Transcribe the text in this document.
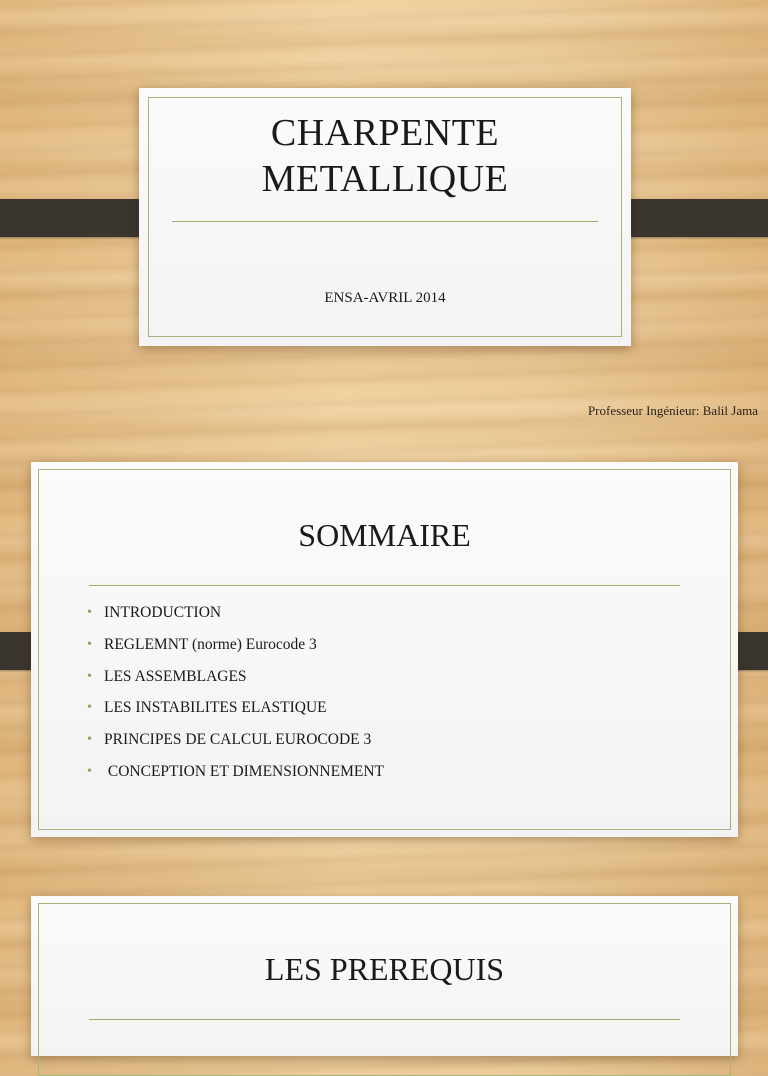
CHARPENTE
METALLIQUE
ENSA-AVRIL 2014
Professeur Ingénieur: Balil Jama
SOMMAIRE
• INTRODUCTION
• REGLEMNT (norme) Eurocode 3
• LES ASSEMBLAGES
• LES INSTABILITES ELASTIQUE
• PRINCIPES DE CALCUL EUROCODE 3
• CONCEPTION ET DIMENSIONNEMENT
LES PREREQUIS
